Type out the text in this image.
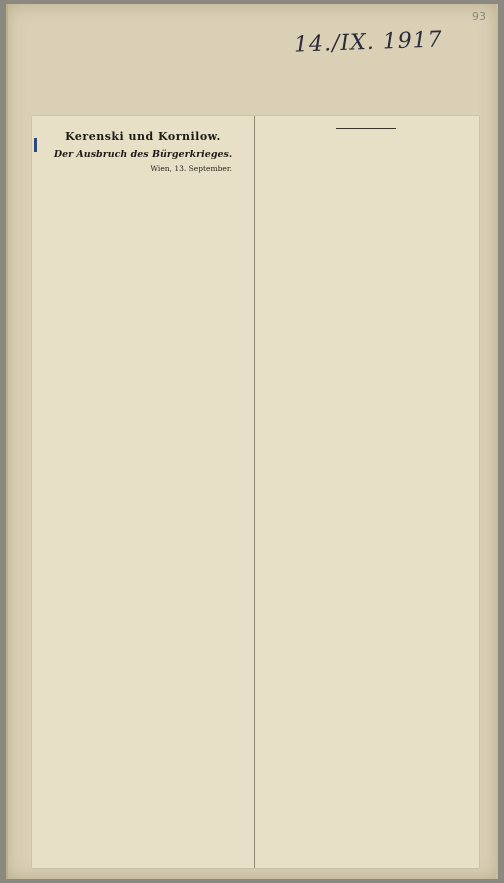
93
14./IX. 1917

Kerenski und Kornilow.

Der Ausbruch des Bürgerkrieges.

Wien, 13. September.
